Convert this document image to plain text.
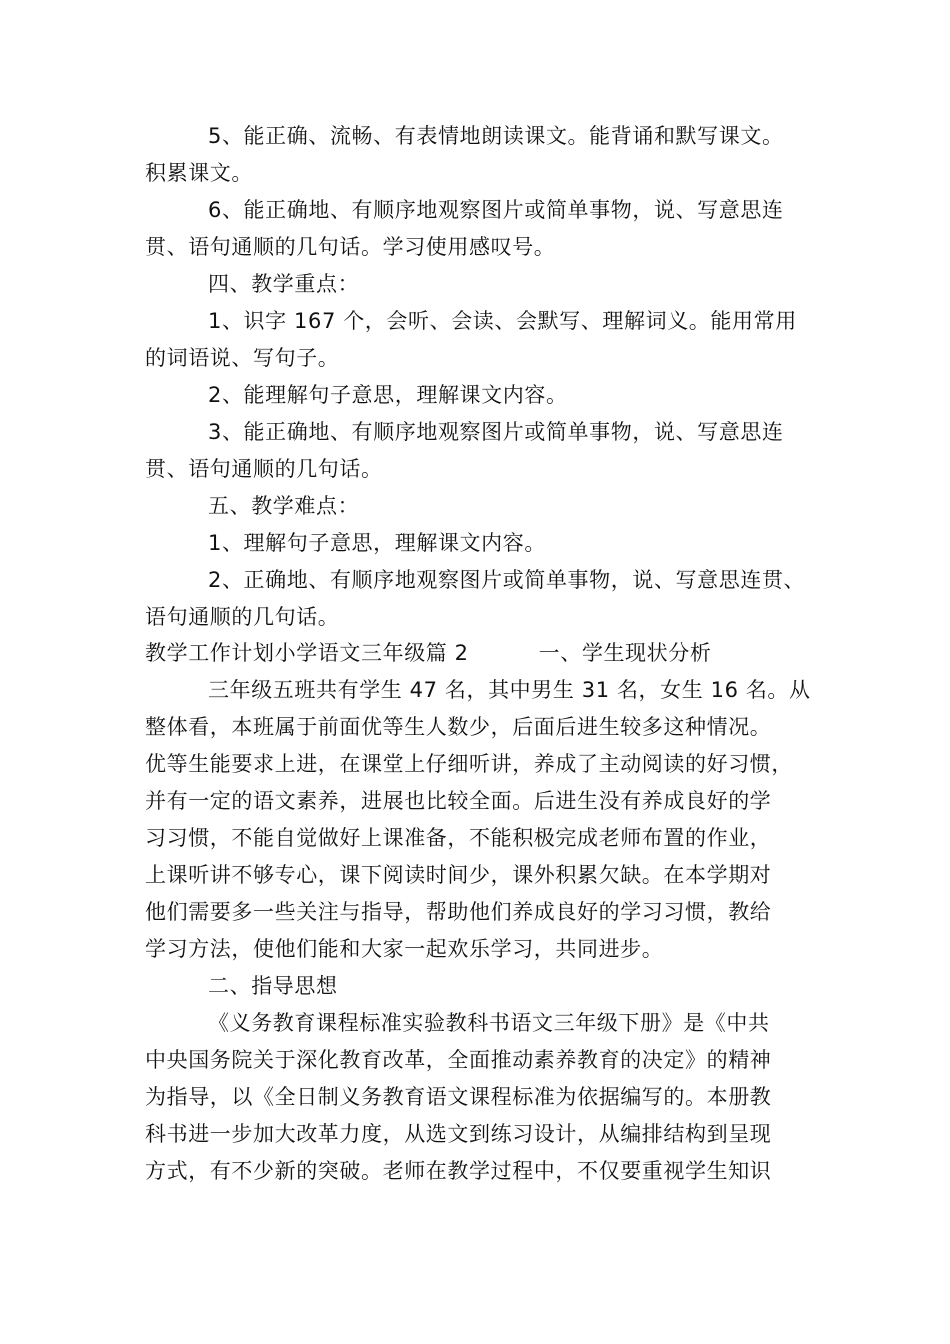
5、能正确、流畅、有表情地朗读课文。能背诵和默写课文。
积累课文。
6、能正确地、有顺序地观察图片或简单事物，说、写意思连
贯、语句通顺的几句话。学习使用感叹号。
四、教学重点：
1、识字 167 个，会听、会读、会默写、理解词义。能用常用
的词语说、写句子。
2、能理解句子意思，理解课文内容。
3、能正确地、有顺序地观察图片或简单事物，说、写意思连
贯、语句通顺的几句话。
五、教学难点：
1、理解句子意思，理解课文内容。
2、正确地、有顺序地观察图片或简单事物，说、写意思连贯、
语句通顺的几句话。
教学工作计划小学语文三年级篇 2	一、学生现状分析
三年级五班共有学生 47 名，其中男生 31 名，女生 16 名。从
整体看，本班属于前面优等生人数少，后面后进生较多这种情况。
优等生能要求上进，在课堂上仔细听讲，养成了主动阅读的好习惯，
并有一定的语文素养，进展也比较全面。后进生没有养成良好的学
习习惯，不能自觉做好上课准备，不能积极完成老师布置的作业，
上课听讲不够专心，课下阅读时间少，课外积累欠缺。在本学期对
他们需要多一些关注与指导，帮助他们养成良好的学习习惯，教给
学习方法，使他们能和大家一起欢乐学习，共同进步。
二、指导思想
《义务教育课程标准实验教科书语文三年级下册》是《中共
中央国务院关于深化教育改革，全面推动素养教育的决定》的精神
为指导，以《全日制义务教育语文课程标准为依据编写的。本册教
科书进一步加大改革力度，从选文到练习设计，从编排结构到呈现
方式，有不少新的突破。老师在教学过程中，不仅要重视学生知识
